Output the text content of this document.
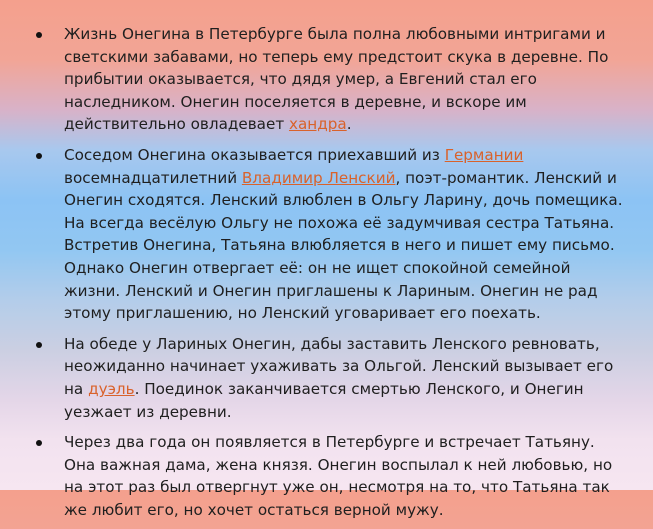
Жизнь Онегина в Петербурге была полна любовными интригами и светскими забавами, но теперь ему предстоит скука в деревне. По прибытии оказывается, что дядя умер, а Евгений стал его наследником. Онегин поселяется в деревне, и вскоре им действительно овладевает хандра.
Соседом Онегина оказывается приехавший из Германии восемнадцатилетний Владимир Ленский, поэт-романтик. Ленский и Онегин сходятся. Ленский влюблен в Ольгу Ларину, дочь помещика. На всегда весёлую Ольгу не похожа её задумчивая сестра Татьяна. Встретив Онегина, Татьяна влюбляется в него и пишет ему письмо. Однако Онегин отвергает её: он не ищет спокойной семейной жизни. Ленский и Онегин приглашены к Лариным. Онегин не рад этому приглашению, но Ленский уговаривает его поехать.
На обеде у Лариных Онегин, дабы заставить Ленского ревновать, неожиданно начинает ухаживать за Ольгой. Ленский вызывает его на дуэль. Поединок заканчивается смертью Ленского, и Онегин уезжает из деревни.
Через два года он появляется в Петербурге и встречает Татьяну. Она важная дама, жена князя. Онегин воспылал к ней любовью, но на этот раз был отвергнут уже он, несмотря на то, что Татьяна так же любит его, но хочет остаться верной мужу.
